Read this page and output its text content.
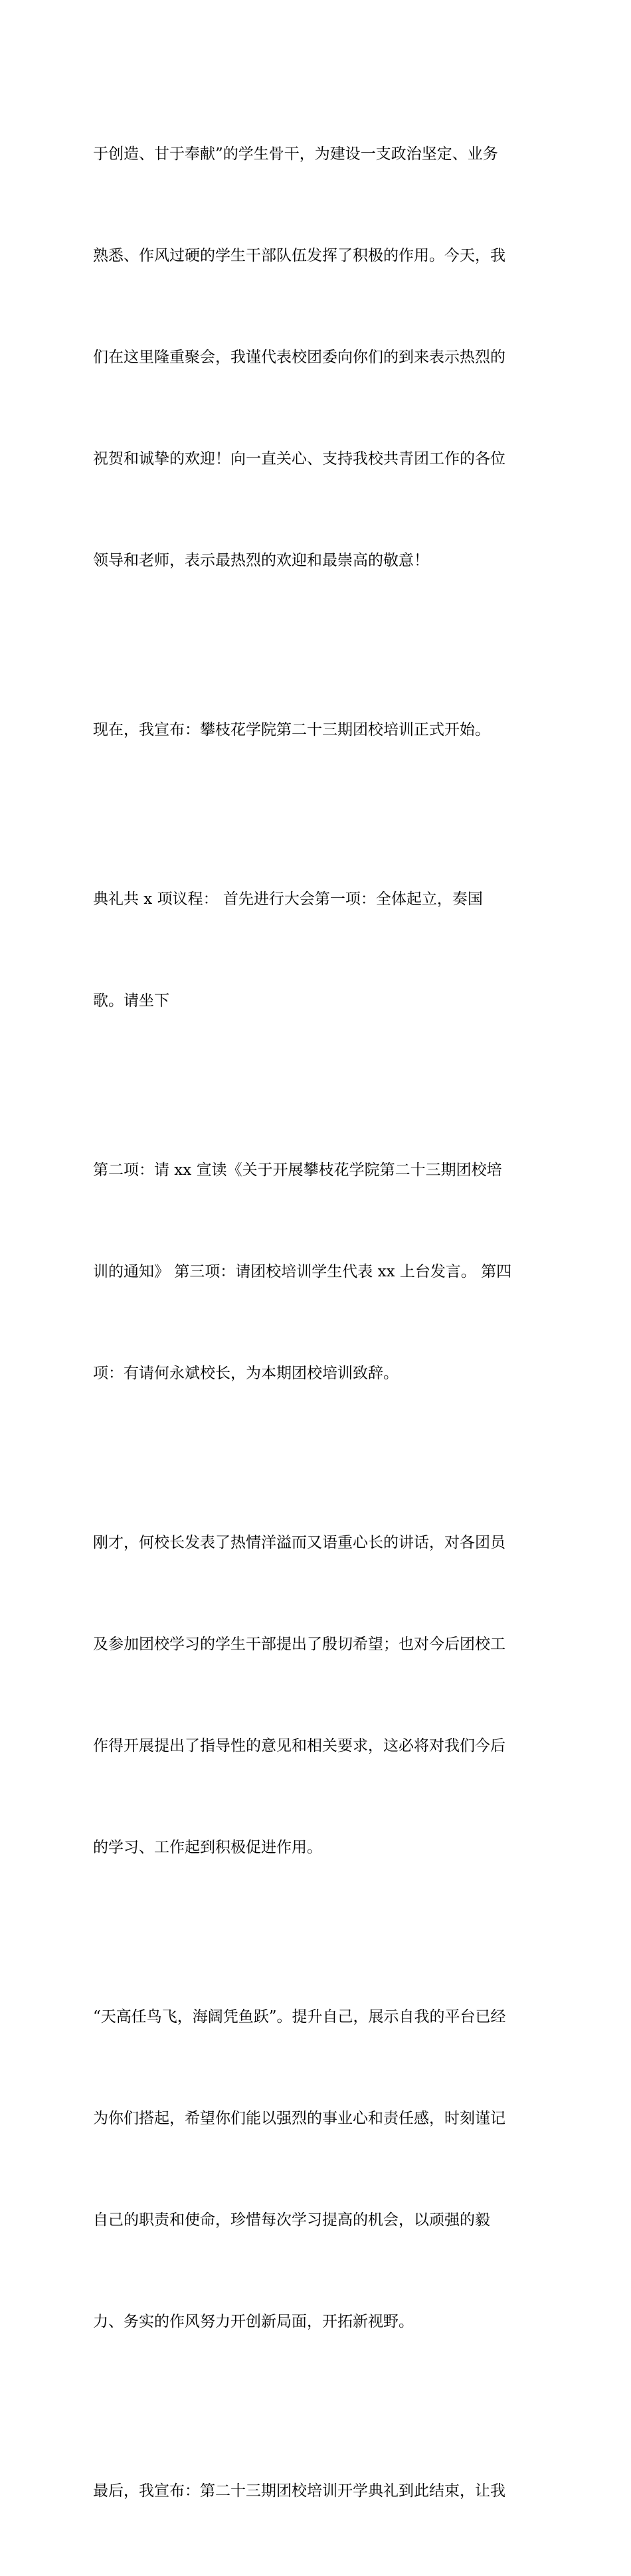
于创造、甘于奉献”的学生骨干，为建设一支政治坚定、业务

熟悉、作风过硬的学生干部队伍发挥了积极的作用。今天，我

们在这里隆重聚会，我谨代表校团委向你们的到来表示热烈的

祝贺和诚挚的欢迎！向一直关心、支持我校共青团工作的各位

领导和老师，表示最热烈的欢迎和最崇高的敬意！

现在，我宣布：攀枝花学院第二十三期团校培训正式开始。

典礼共 x 项议程： 首先进行大会第一项：全体起立，奏国

歌。请坐下

第二项：请 xx 宣读《关于开展攀枝花学院第二十三期团校培

训的通知》 第三项：请团校培训学生代表 xx 上台发言。 第四

项：有请何永斌校长，为本期团校培训致辞。

刚才，何校长发表了热情洋溢而又语重心长的讲话，对各团员

及参加团校学习的学生干部提出了殷切希望；也对今后团校工

作得开展提出了指导性的意见和相关要求，这必将对我们今后

的学习、工作起到积极促进作用。

“天高任鸟飞，海阔凭鱼跃”。提升自己，展示自我的平台已经

为你们搭起，希望你们能以强烈的事业心和责任感，时刻谨记

自己的职责和使命，珍惜每次学习提高的机会，以顽强的毅

力、务实的作风努力开创新局面，开拓新视野。

最后，我宣布：第二十三期团校培训开学典礼到此结束，让我
